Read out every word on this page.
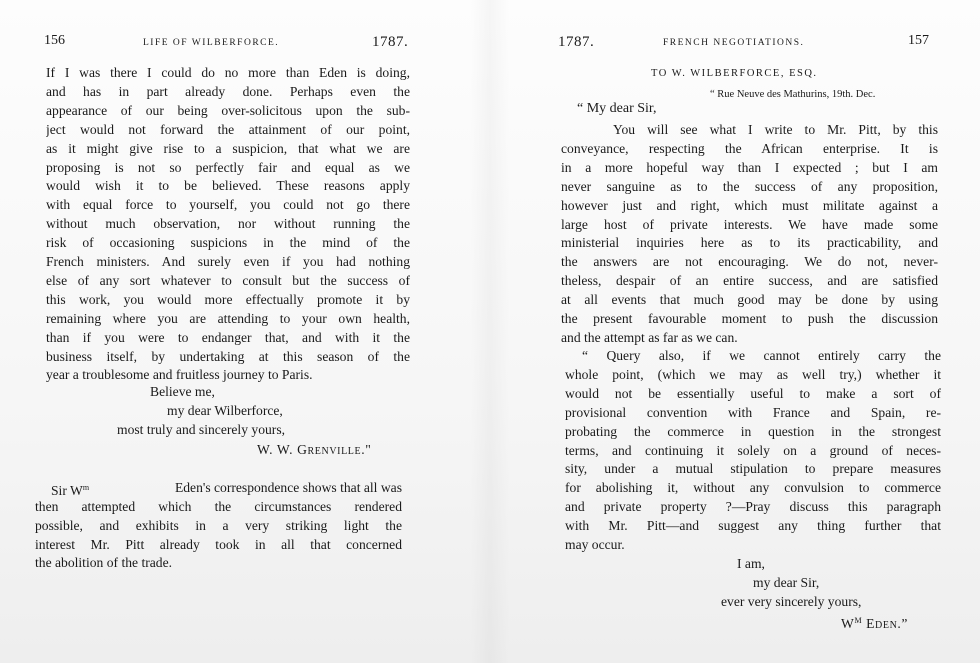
156	LIFE OF WILBERFORCE.	1787.
If I was there I could do no more than Eden is doing,
and has in part already done. Perhaps even the
appearance of our being over-solicitous upon the sub-
ject would not forward the attainment of our point,
as it might give rise to a suspicion, that what we are
proposing is not so perfectly fair and equal as we
would wish it to be believed. These reasons apply
with equal force to yourself, you could not go there
without much observation, nor without running the
risk of occasioning suspicions in the mind of the
French ministers. And surely even if you had nothing
else of any sort whatever to consult but the success of
this work, you would more effectually promote it by
remaining where you are attending to your own health,
than if you were to endanger that, and with it the
business itself, by undertaking at this season of the
year a troublesome and fruitless journey to Paris.
Believe me,
my dear Wilberforce,
most truly and sincerely yours,
W. W. Grenville."
Sir $W^m$	Eden's correspondence shows that all was
then attempted which the circumstances rendered
possible, and exhibits in a very striking light the
interest Mr. Pitt already took in all that concerned
the abolition of the trade.
1787.	FRENCH NEGOTIATIONS.	157
TO W. WILBERFORCE, ESQ.
“ Rue Neuve des Mathurins, 19th. Dec.
“ My dear Sir,
You will see what I write to Mr. Pitt, by this
conveyance, respecting the African enterprise. It is
in a more hopeful way than I expected ; but I am
never sanguine as to the success of any proposition,
however just and right, which must militate against a
large host of private interests. We have made some
ministerial inquiries here as to its practicability, and
the answers are not encouraging. We do not, never-
theless, despair of an entire success, and are satisfied
at all events that much good may be done by using
the present favourable moment to push the discussion
and the attempt as far as we can.
“ Query also, if we cannot entirely carry the
whole point, (which we may as well try,) whether it
would not be essentially useful to make a sort of
provisional convention with France and Spain, re-
probating the commerce in question in the strongest
terms, and continuing it solely on a ground of neces-
sity, under a mutual stipulation to prepare measures
for abolishing it, without any convulsion to commerce
and private property ?—Pray discuss this paragraph
with Mr. Pitt—and suggest any thing further that
may occur.
I am,
my dear Sir,
ever very sincerely yours,
$W^M$ Eden.”
